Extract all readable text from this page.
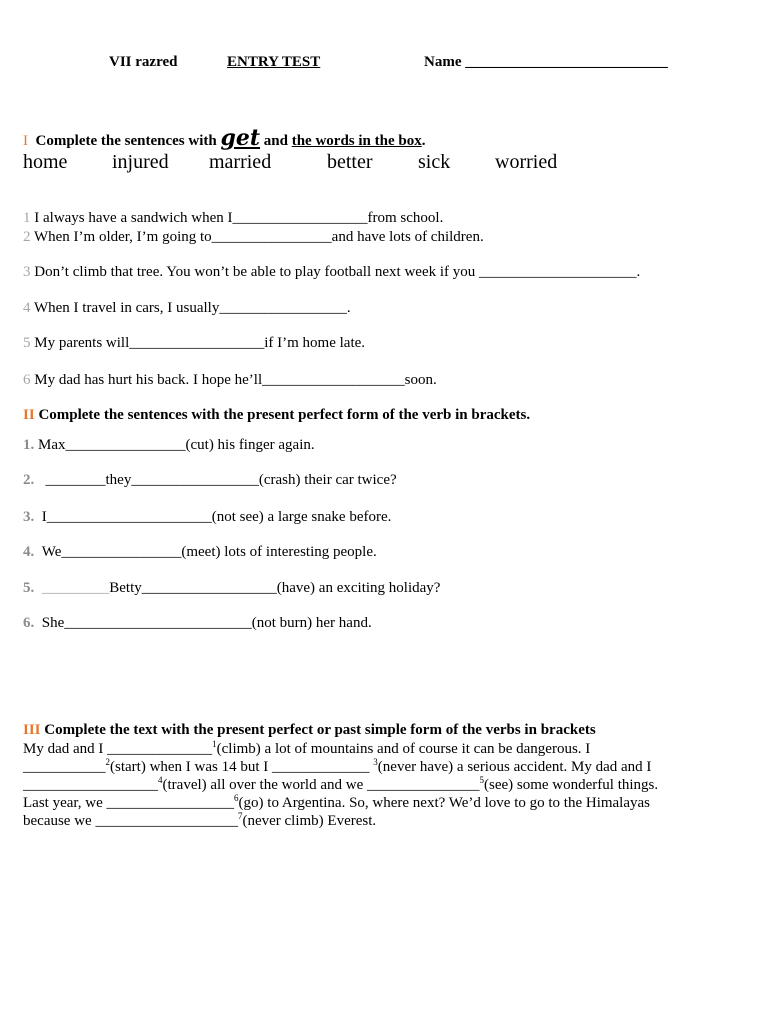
VII razred	ENTRY TEST	Name ___________________________
I Complete the sentences with get and the words in the box.
home injured married	better sick worried
1 I always have a sandwich when I__________________from school.
2 When I’m older, I’m going to________________and have lots of children.
3 Don’t climb that tree. You won’t be able to play football next week if you _____________________.
4 When I travel in cars, I usually_________________.
5 My parents will__________________if I’m home late.
6 My dad has hurt his back. I hope he’ll___________________soon.
II Complete the sentences with the present perfect form of the verb in brackets.
1. Max________________(cut) his finger again.
2. ________they_________________(crash) their car twice?
3. I______________________(not see) a large snake before.
4. We________________(meet) lots of interesting people.
5. _________Betty__________________(have) an exciting holiday?
6. She_________________________(not burn) her hand.
III Complete the text with the present perfect or past simple form of the verbs in brackets
My dad and I ______________$^1$(climb) a lot of mountains and of course it can be dangerous. I
___________$^2$(start) when I was 14 but I _____________ $^3$(never have) a serious accident. My dad and I
__________________$^4$(travel) all over the world and we _______________$^5$(see) some wonderful things.
Last year, we _________________$^6$(go) to Argentina. So, where next? We’d love to go to the Himalayas
because we ___________________$^7$(never climb) Everest.
